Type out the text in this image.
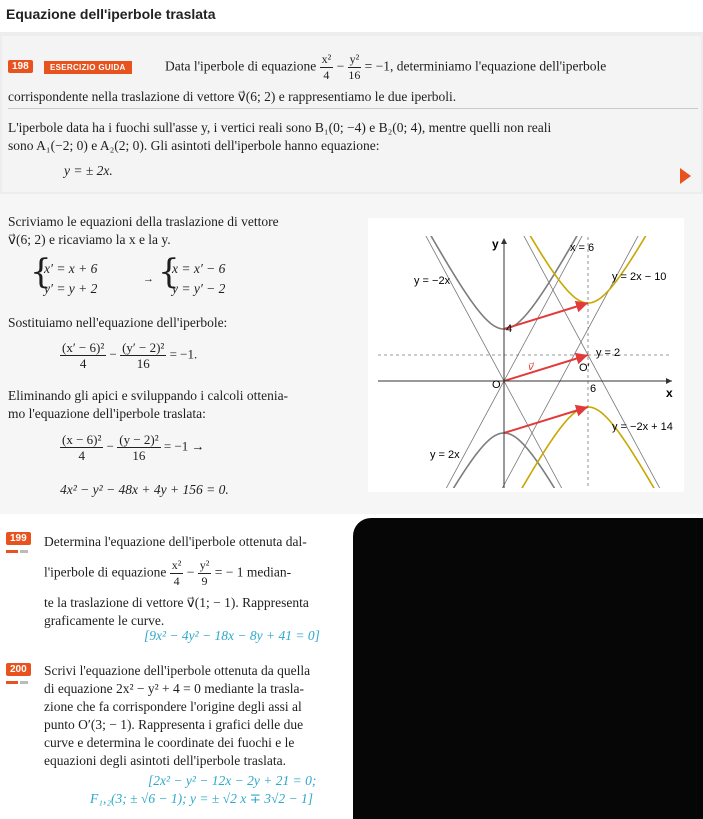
Equazione dell'iperbole traslata
198	ESERCIZIO GUIDA	Data l'iperbole di equazione $\frac{\text{x²}}{4} - \frac{\text{y²}}{16} = -1$, determiniamo l'equazione dell'iperbole
corrispondente nella traslazione di vettore v⃗(6; 2) e rappresentiamo le due iperboli.
L'iperbole data ha i fuochi sull'asse y, i vertici reali sono B₁(0; −4) e B₂(0; 4), mentre quelli non reali
sono A₁(−2; 0) e A₂(2; 0). Gli asintoti dell'iperbole hanno equazione:
y = ± 2x.
Scriviamo le equazioni della traslazione di vettore
v⃗(6; 2) e ricaviamo la x e la y.
{
x′ = x + 6
y′ = y + 2
→ {
x = x′ − 6
y = y′ − 2
Sostituiamo nell'equazione dell'iperbole:
$\frac{\text{(x′ − 6)²}}{4} - \frac{\text{(y′ − 2)²}}{16} = -1$.
Eliminando gli apici e sviluppando i calcoli ottenia-
mo l'equazione dell'iperbole traslata:
$\frac{\text{(x − 6)²}}{4} - \frac{\text{(y − 2)²}}{16} = -1$ →
4x² − y² − 48x + 4y + 156 = 0.
x
y	x = 6
y = −2x	y = 2x − 10
4
y = 2
v⃗
O
O′
6
y = −2x + 14
y = 2x
199 Determina l'equazione dell'iperbole ottenuta dal-
l'iperbole di equazione $\frac{\text{x²}}{4} - \frac{\text{y²}}{9}$ = − 1 median-
te la traslazione di vettore v⃗(1; − 1). Rappresenta
graficamente le curve.
[9x² − 4y² − 18x − 8y + 41 = 0]
200 Scrivi l'equazione dell'iperbole ottenuta da quella
di equazione 2x² − y² + 4 = 0 mediante la trasla-
zione che fa corrispondere l'origine degli assi al
punto O′(3; − 1). Rappresenta i grafici delle due
curve e determina le coordinate dei fuochi e le
equazioni degli asintoti dell'iperbole traslata.
[2x² − y² − 12x − 2y + 21 = 0;
F₁,₂(3; ± √6 − 1); y = ± √2 x ∓ 3√2 − 1]
